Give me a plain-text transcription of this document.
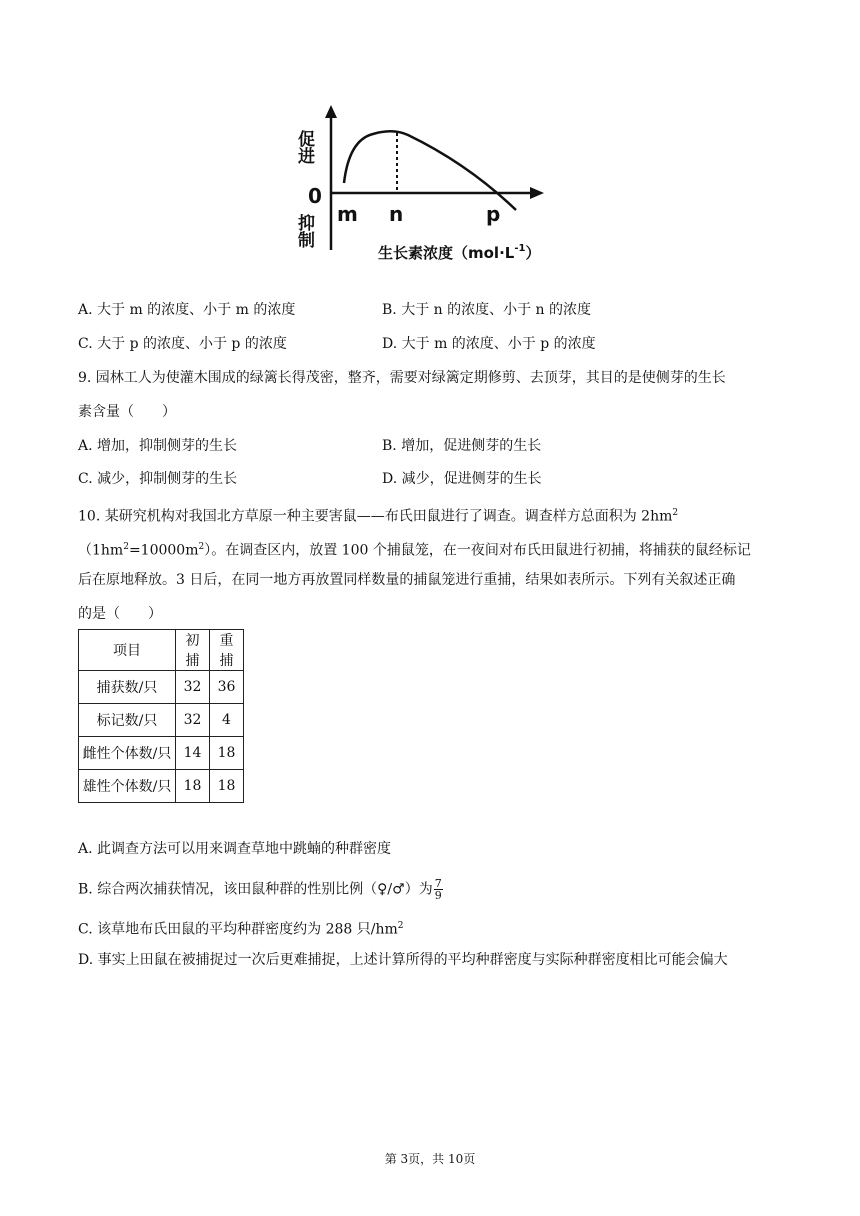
促进
0
抑制 m n	p
生长素浓度$(mol\cdot L^{-1})$
A. 大于 m 的浓度、小于 m 的浓度	B. 大于 n 的浓度、小于 n 的浓度
C. 大于 p 的浓度、小于 p 的浓度	D. 大于 m 的浓度、小于 p 的浓度
9. 园林工人为使灌木围成的绿篱长得茂密，整齐，需要对绿篱定期修剪、去顶芽，其目的是使侧芽的生长
素含量（　　）
A. 增加，抑制侧芽的生长	B. 增加，促进侧芽的生长
C. 减少，抑制侧芽的生长	D. 减少，促进侧芽的生长
10. 某研究机构对我国北方草原一种主要害鼠——布氏田鼠进行了调查。调查样方总面积为 $2hm^2$
$(1hm^2=10000m^2)$。在调查区内，放置 100 个捕鼠笼，在一夜间对布氏田鼠进行初捕，将捕获的鼠经标记
后在原地释放。3 日后，在同一地方再放置同样数量的捕鼠笼进行重捕，结果如表所示。下列有关叙述正确
的是（　　）
项目	初捕	重捕
捕获数/只	32	36
标记数/只	32	4
雌性个体数/只	14	18
雄性个体数/只	18	18
A. 此调查方法可以用来调查草地中跳蝻的种群密度
B. 综合两次捕获情况，该田鼠种群的性别比例（♀/♂）为 $\frac{7}{9}$
C. 该草地布氏田鼠的平均种群密度约为 288 只$/hm^2$
D. 事实上田鼠在被捕捉过一次后更难捕捉，上述计算所得的平均种群密度与实际种群密度相比可能会偏大
第 3页，共 10页
